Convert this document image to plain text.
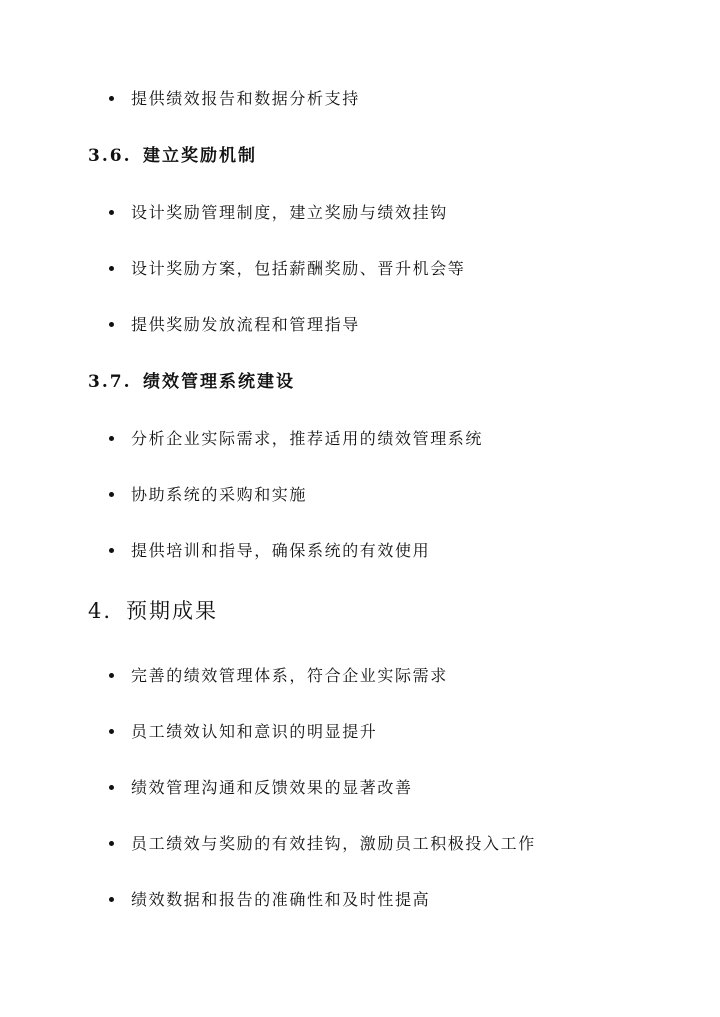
提供绩效报告和数据分析支持
3.6. 建立奖励机制
设计奖励管理制度，建立奖励与绩效挂钩
设计奖励方案，包括薪酬奖励、晋升机会等
提供奖励发放流程和管理指导
3.7. 绩效管理系统建设
分析企业实际需求，推荐适用的绩效管理系统
协助系统的采购和实施
提供培训和指导，确保系统的有效使用
4. 预期成果
完善的绩效管理体系，符合企业实际需求
员工绩效认知和意识的明显提升
绩效管理沟通和反馈效果的显著改善
员工绩效与奖励的有效挂钩，激励员工积极投入工作
绩效数据和报告的准确性和及时性提高
